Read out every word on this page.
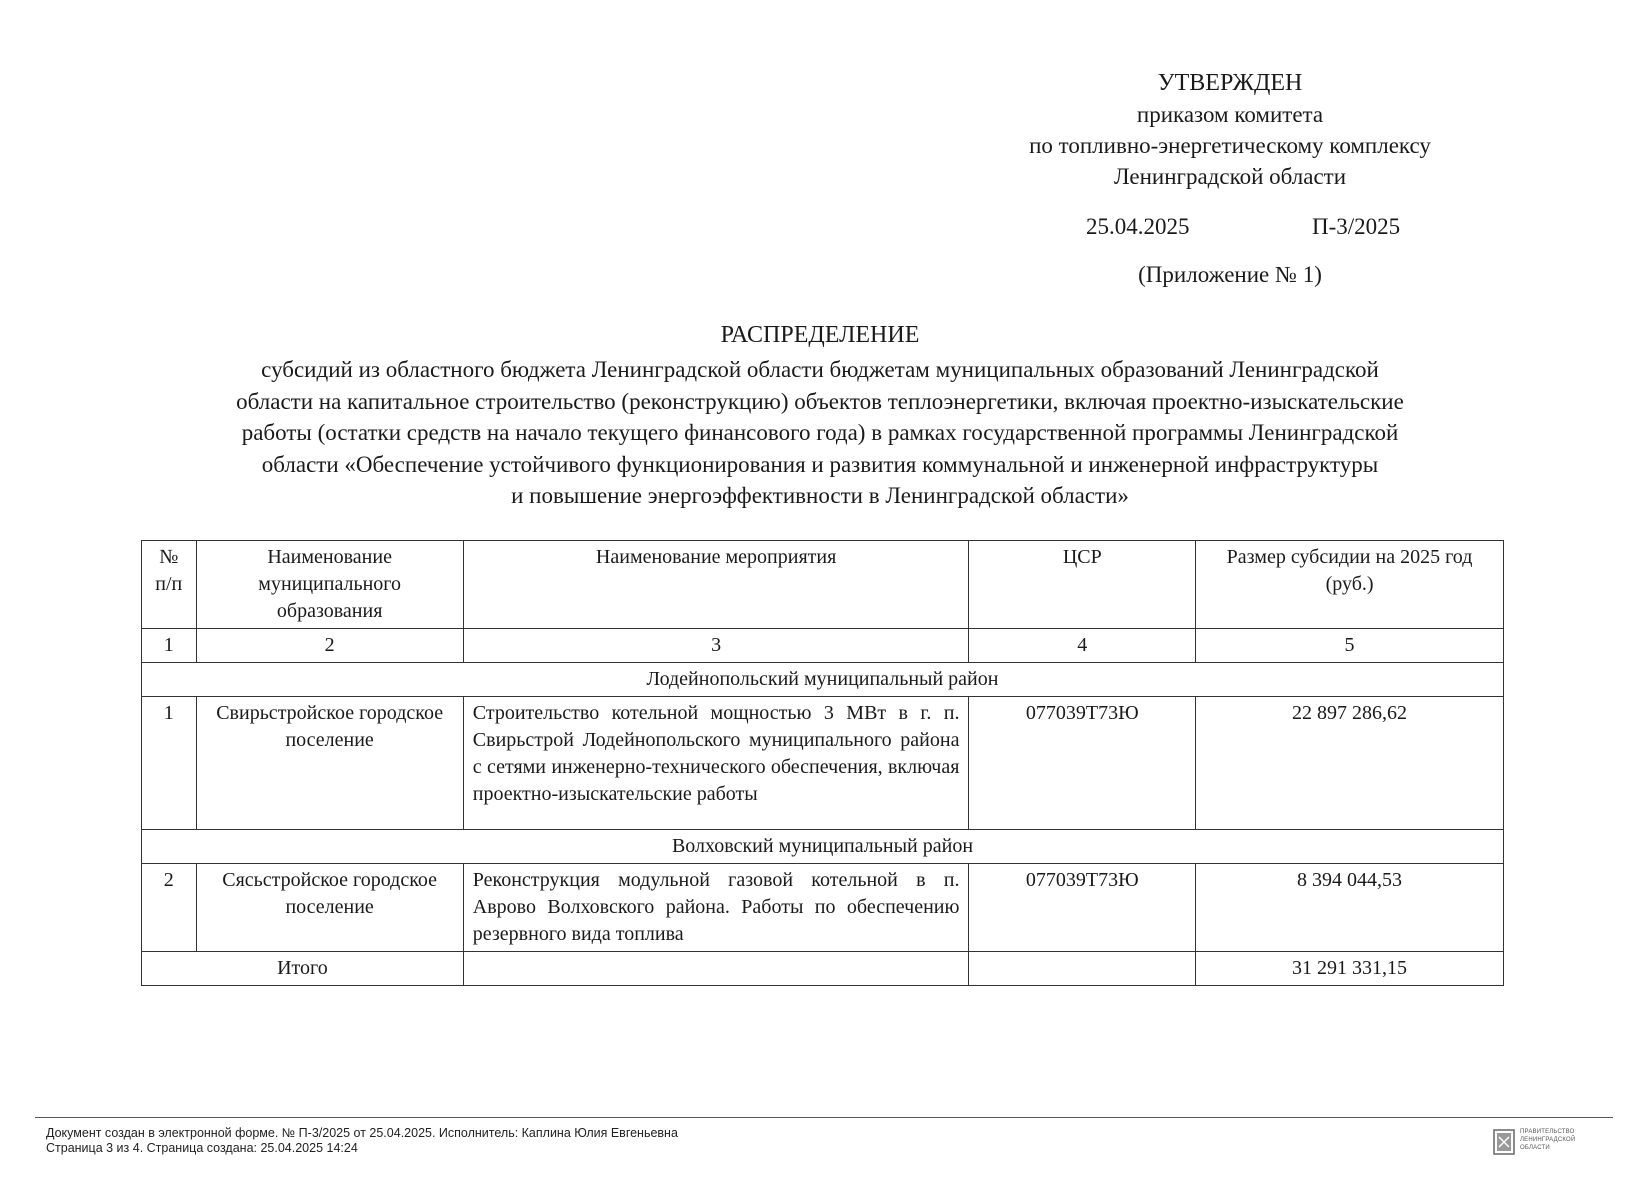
УТВЕРЖДЕН
приказом комитета
по топливно-энергетическому комплексу
Ленинградской области
25.04.2025	П-3/2025
(Приложение № 1)
РАСПРЕДЕЛЕНИЕ
субсидий из областного бюджета Ленинградской области бюджетам муниципальных образований Ленинградской
области на капитальное строительство (реконструкцию) объектов теплоэнергетики, включая проектно-изыскательские
работы (остатки средств на начало текущего финансового года) в рамках государственной программы Ленинградской
области «Обеспечение устойчивого функционирования и развития коммунальной и инженерной инфраструктуры
и повышение энергоэффективности в Ленинградской области»
№ п/п	Наименование муниципального образования	Наименование мероприятия	ЦСР	Размер субсидии на 2025 год (руб.)
1	2	3	4	5
Лодейнопольский муниципальный район				
1	Свирьстройское городское поселение	Строительство котельной мощностью 3 МВт в г. п. Свирьстрой Лодейнопольского муниципального района с сетями инженерно-технического обеспечения, включая проектно-изыскательские работы	077039Т73Ю	22 897 286,62
Волховский муниципальный район				
2	Сясьстройское городское поселение	Реконструкция модульной газовой котельной в п. Аврово Волховского района. Работы по обеспечению резервного вида топлива	077039Т73Ю	8 394 044,53
Итого				31 291 331,15
Документ создан в электронной форме. № П-3/2025 от 25.04.2025. Исполнитель: Каплина Юлия Евгеньевна
Страница 3 из 4. Страница создана: 25.04.2025 14:24
ПРАВИТЕЛЬСТВО
ЛЕНИНГРАДСКОЙ
ОБЛАСТИ
